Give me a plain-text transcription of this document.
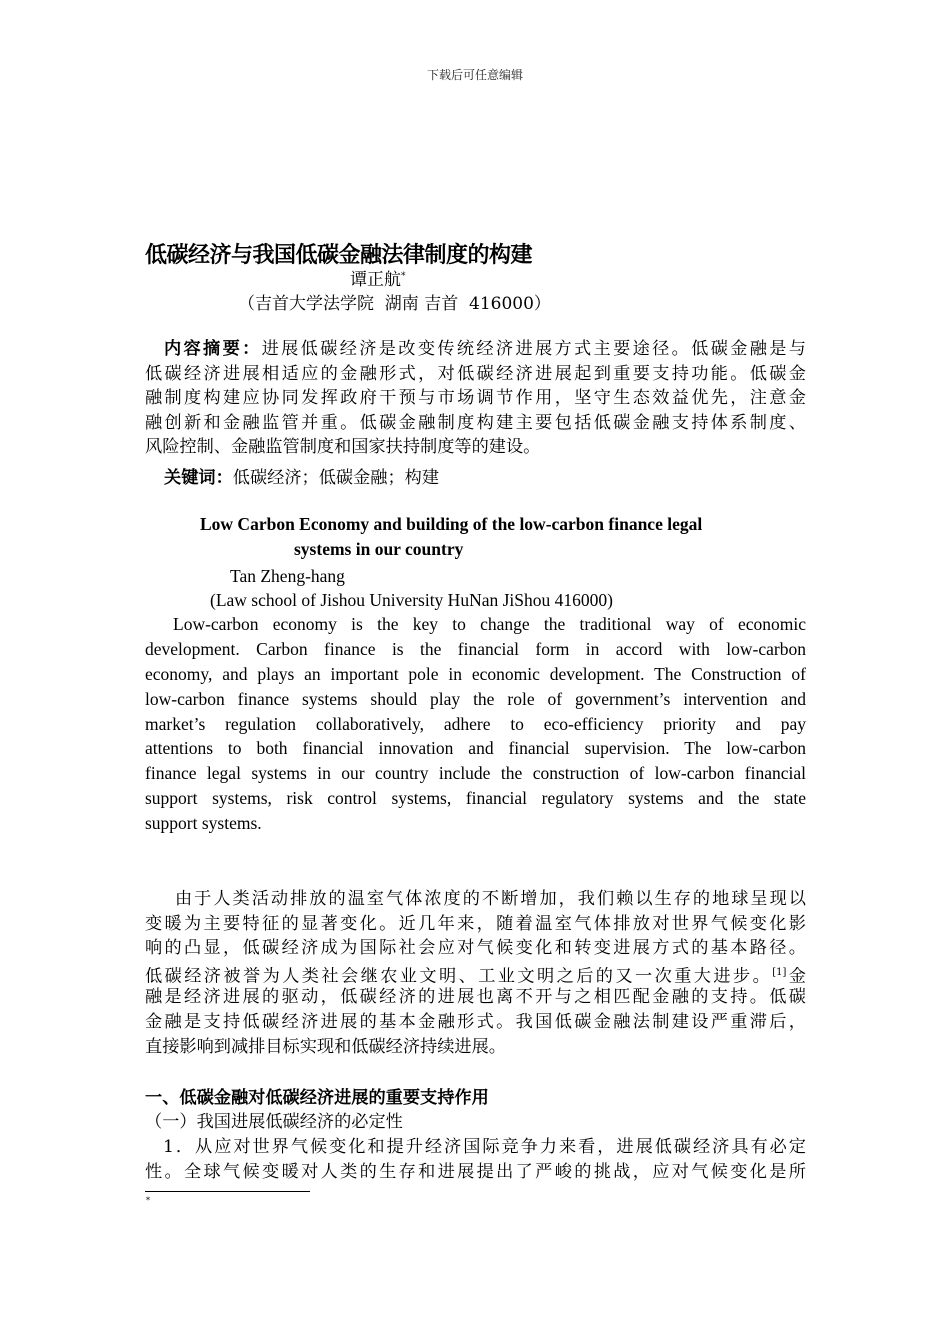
下载后可任意编辑
低碳经济与我国低碳金融法律制度的构建
谭正航*
（吉首大学法学院  湖南 吉首  416000）
内容摘要：进展低碳经济是改变传统经济进展方式主要途径。低碳金融是与
低碳经济进展相适应的金融形式，对低碳经济进展起到重要支持功能。低碳金
融制度构建应协同发挥政府干预与市场调节作用，坚守生态效益优先，注意金
融创新和金融监管并重。低碳金融制度构建主要包括低碳金融支持体系制度、
风险控制、金融监管制度和国家扶持制度等的建设。
关键词：低碳经济；低碳金融；构建
Low Carbon Economy and building of the low-carbon finance legal
systems in our country
Tan Zheng-hang
(Law school of Jishou University HuNan JiShou 416000)
Low-carbon economy is the key to change the traditional way of economic
development. Carbon finance is the financial form in accord with low-carbon
economy, and plays an important pole in economic development. The Construction of
low-carbon finance systems should play the role of government’s intervention and
market’s regulation collaboratively, adhere to eco-efficiency priority and pay
attentions to both financial innovation and financial supervision. The low-carbon
finance legal systems in our country include the construction of low-carbon financial
support systems, risk control systems, financial regulatory systems and the state
support systems.
由于人类活动排放的温室气体浓度的不断增加，我们赖以生存的地球呈现以
变暖为主要特征的显著变化。近几年来，随着温室气体排放对世界气候变化影
响的凸显，低碳经济成为国际社会应对气候变化和转变进展方式的基本路径。
低碳经济被誉为人类社会继农业文明、工业文明之后的又一次重大进步。[1]金
融是经济进展的驱动，低碳经济的进展也离不开与之相匹配金融的支持。低碳
金融是支持低碳经济进展的基本金融形式。我国低碳金融法制建设严重滞后，
直接影响到减排目标实现和低碳经济持续进展。
一、低碳金融对低碳经济进展的重要支持作用
（一）我国进展低碳经济的必定性
1．从应对世界气候变化和提升经济国际竞争力来看，进展低碳经济具有必定
性。全球气候变暖对人类的生存和进展提出了严峻的挑战，应对气候变化是所
*
